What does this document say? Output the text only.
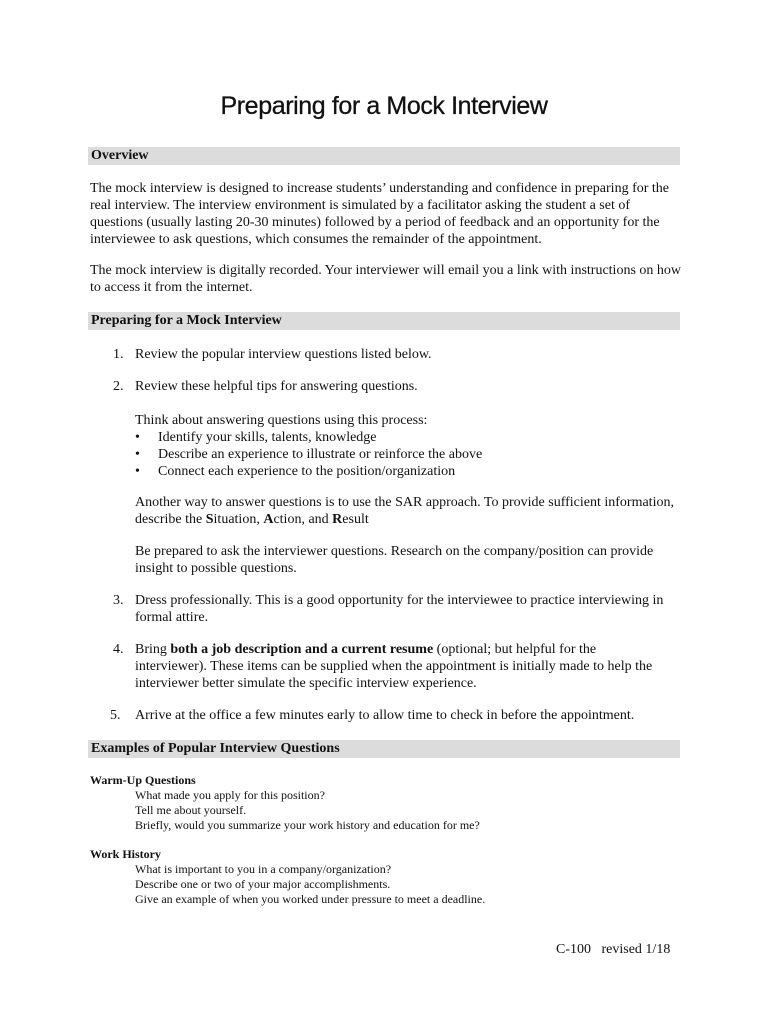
Preparing for a Mock Interview
Overview
The mock interview is designed to increase students’ understanding and confidence in preparing for the
real interview. The interview environment is simulated by a facilitator asking the student a set of
questions (usually lasting 20-30 minutes) followed by a period of feedback and an opportunity for the
interviewee to ask questions, which consumes the remainder of the appointment.
The mock interview is digitally recorded. Your interviewer will email you a link with instructions on how
to access it from the internet.
Preparing for a Mock Interview
1. Review the popular interview questions listed below.
2. Review these helpful tips for answering questions.
Think about answering questions using this process:
• Identify your skills, talents, knowledge
• Describe an experience to illustrate or reinforce the above
• Connect each experience to the position/organization
Another way to answer questions is to use the SAR approach. To provide sufficient information,
describe the Situation, Action, and Result
Be prepared to ask the interviewer questions. Research on the company/position can provide
insight to possible questions.
3. Dress professionally. This is a good opportunity for the interviewee to practice interviewing in
formal attire.
4. Bring both a job description and a current resume (optional; but helpful for the
interviewer). These items can be supplied when the appointment is initially made to help the
interviewer better simulate the specific interview experience.
5. Arrive at the office a few minutes early to allow time to check in before the appointment.
Examples of Popular Interview Questions
Warm-Up Questions
What made you apply for this position?
Tell me about yourself.
Briefly, would you summarize your work history and education for me?
Work History
What is important to you in a company/organization?
Describe one or two of your major accomplishments.
Give an example of when you worked under pressure to meet a deadline.
C-100   revised 1/18
